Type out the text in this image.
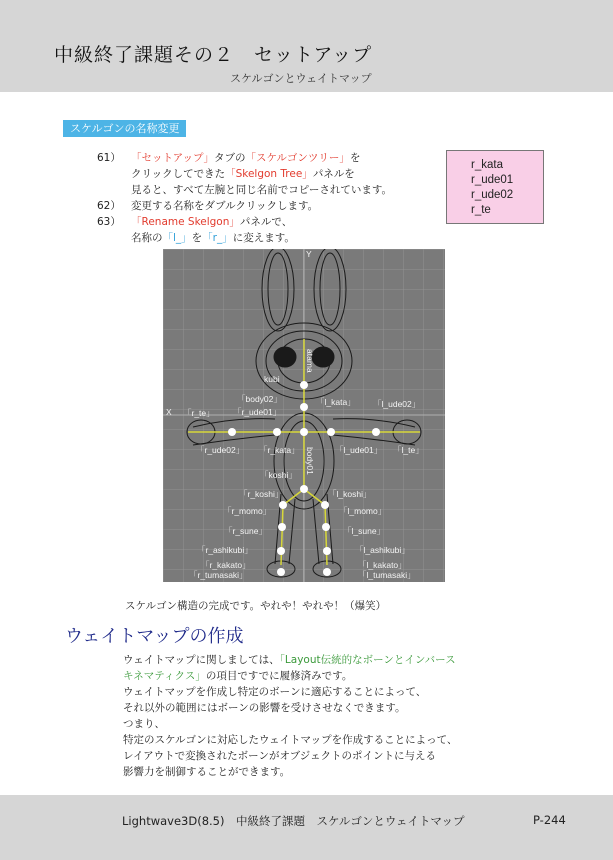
中級終了課題その２　セットアップ
スケルゴンとウェイトマップ
スケルゴンの名称変更
61） 「セットアップ」タブの「スケルゴンツリー」を
クリックしてできた「Skelgon Tree」パネルを
見ると、すべて左腕と同じ名前でコピーされています。
62） 変更する名称をダブルクリックします。
63） 「Rename Skelgon」パネルで、
名称の「l_」を「r_」に変えます。
r_kata
r_ude01
r_ude02
r_te
Y
X
kubi
atama
「body02」
「r_ude01」
「l_kata」 「l_ude02」
「r_te」
「r_ude02」 「r_kata」	「l_ude01」 「l_te」
「koshi」
body01
「r_koshi」	「l_koshi」
「r_momo」	「l_momo」
「r_sune」	「l_sune」
「r_ashikubi」	「l_ashikubi」
「r_kakato」	「l_kakato」
「r_tumasaki」	「l_tumasaki」
スケルゴン構造の完成です。やれや！やれや！（爆笑）
ウェイトマップの作成
ウェイトマップに関しましては、「Layout伝統的なボーンとインバース
キネマティクス」の項目ですでに履修済みです。
ウェイトマップを作成し特定のボーンに適応することによって、
それ以外の範囲にはボーンの影響を受けさせなくできます。
つまり、
特定のスケルゴンに対応したウェイトマップを作成することによって、
レイアウトで変換されたボーンがオブジェクトのポイントに与える
影響力を制御することができます。
Lightwave3D(8.5)　中級終了課題　スケルゴンとウェイトマップ	P-244
